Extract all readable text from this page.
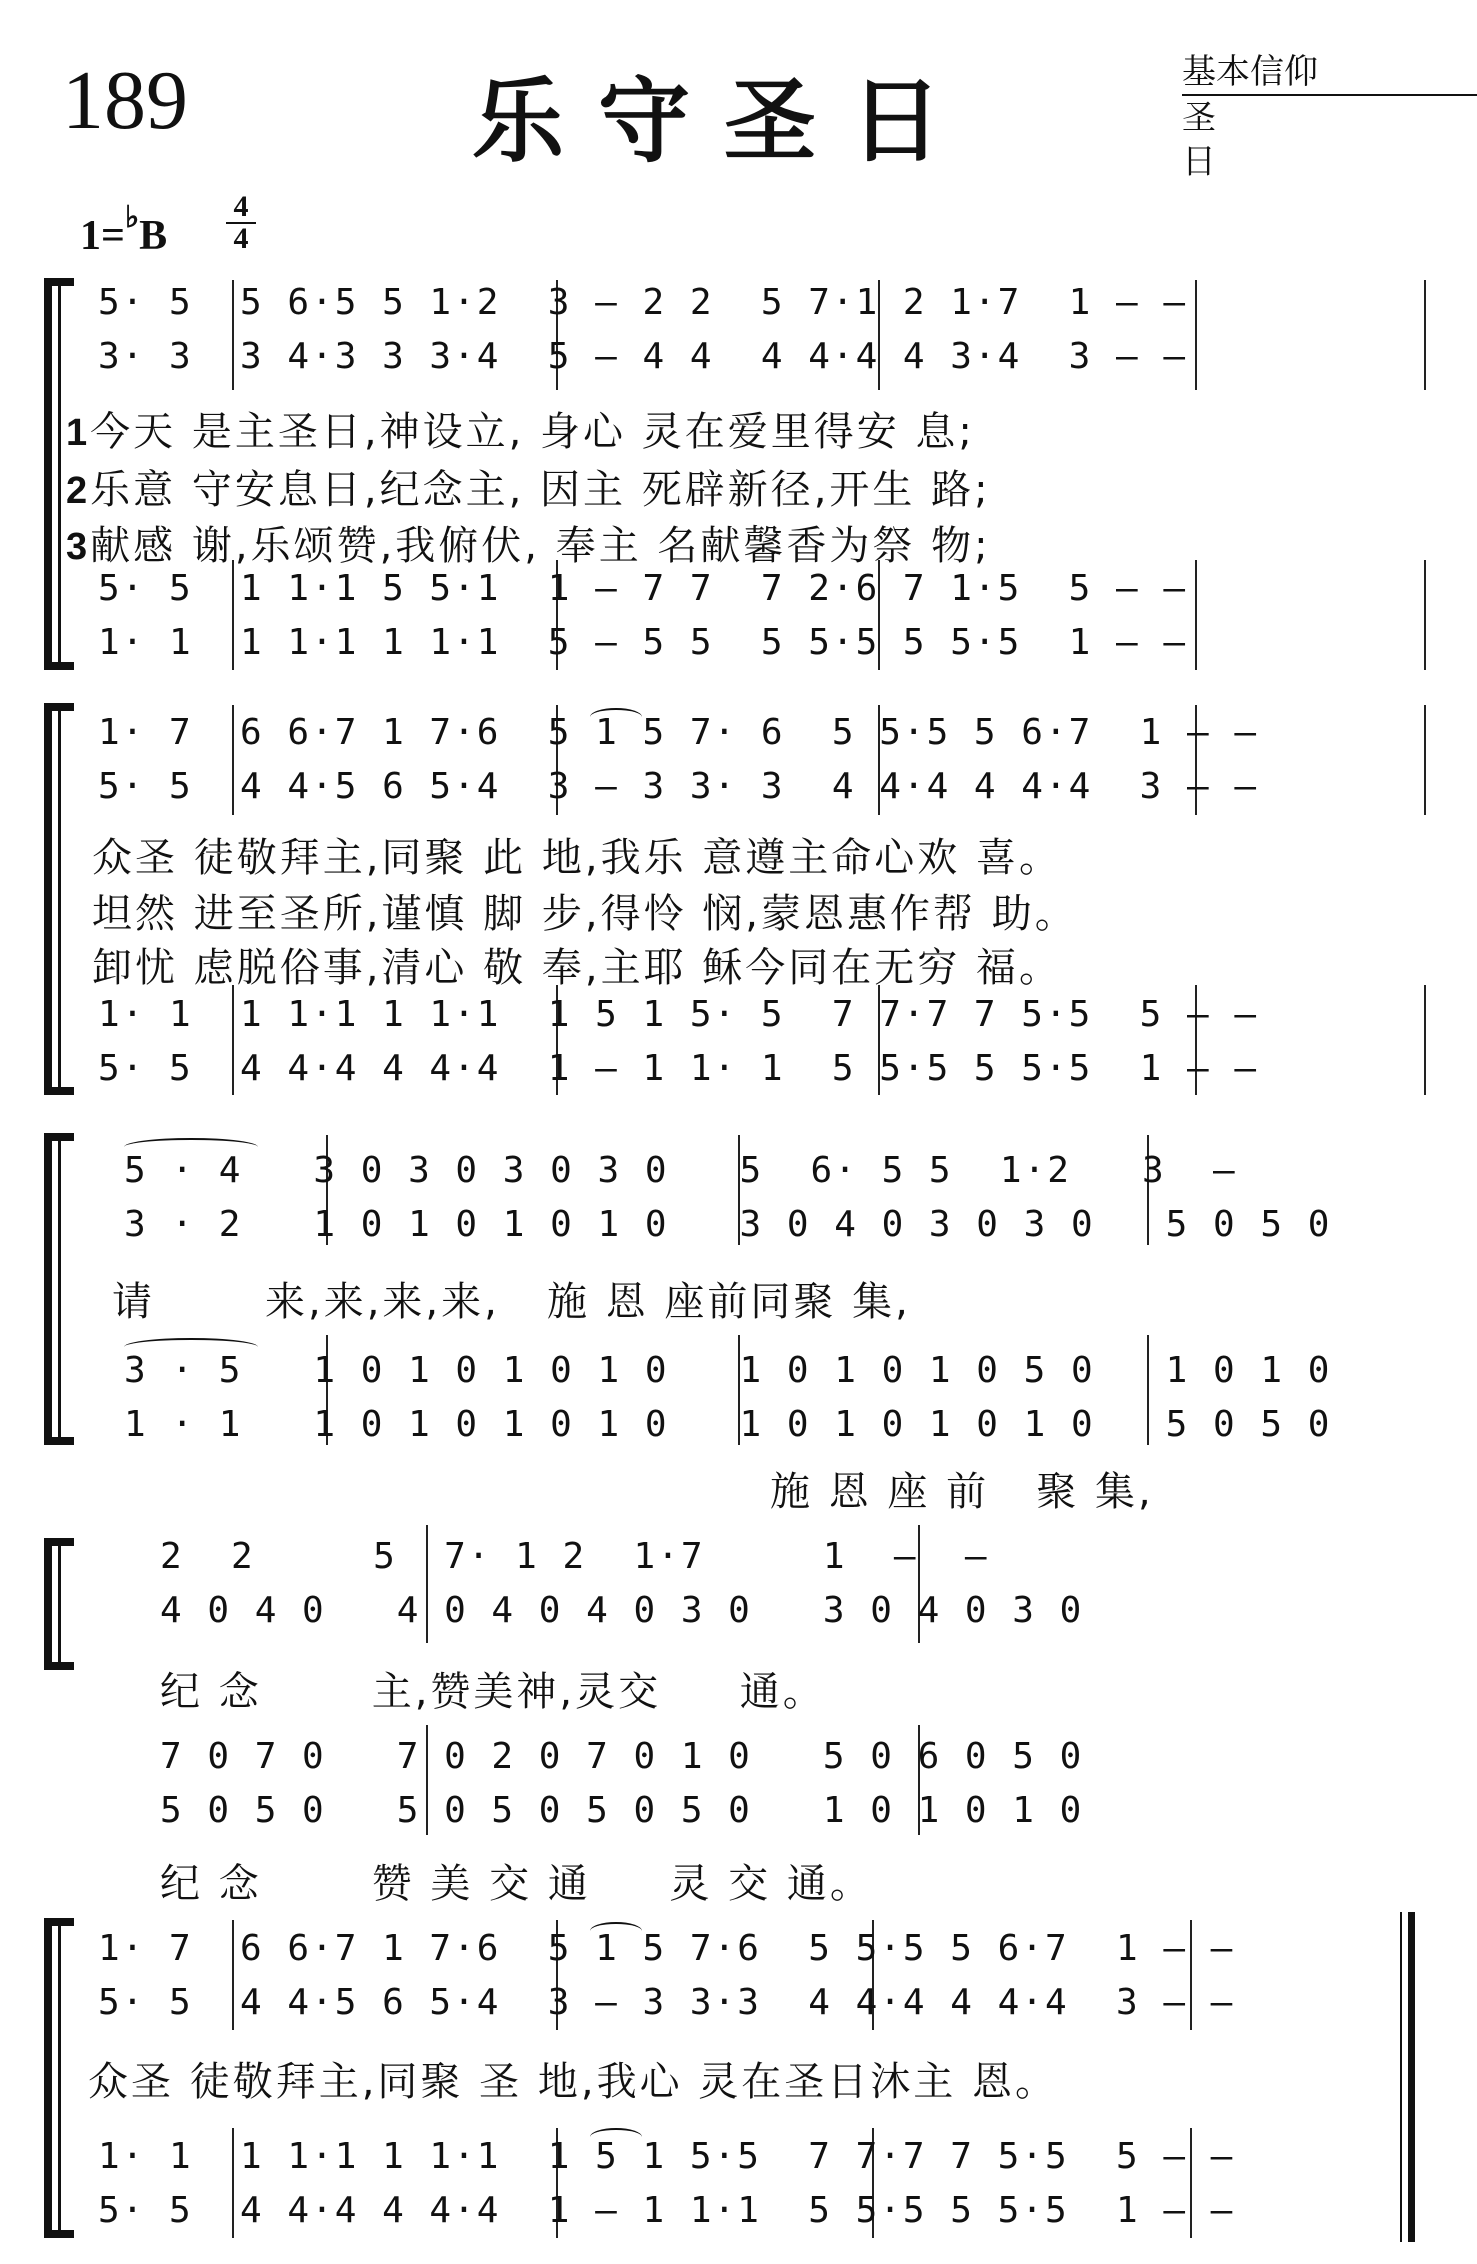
189	乐守圣日	基本信仰
圣 日
1=♭B
4
4
5· 5  5 6·5 5 1·2  3 — 2 2  5 7·1 2 1·7  1 — —
3· 3  3 4·3 3 3·4  5 — 4 4  4 4·4 4 3·4  3 — —
1今天 是主圣日,神设立, 身心 灵在爱里得安 息;
2乐意 守安息日,纪念主, 因主 死辟新径,开生 路;
3献感 谢,乐颂赞,我俯伏, 奉主 名献馨香为祭 物;
5· 5  1 1·1 5 5·1  1 — 7 7  7 2·6 7 1·5  5 — —
1· 1  1 1·1 1 1·1  5 — 5 5  5 5·5 5 5·5  1 — —
1· 7  6 6·7 1 7·6  5 1 5 7· 6  5 5·5 5 6·7  1 — —
5· 5  4 4·5 6 5·4  3 — 3 3· 3  4 4·4 4 4·4  3 — —
众圣 徒敬拜主,同聚 此 地,我乐 意遵主命心欢 喜。
坦然 进至圣所,谨慎 脚 步,得怜 悯,蒙恩惠作帮 助。
卸忧 虑脱俗事,清心 敬 奉,主耶 稣今同在无穷 福。
1· 1  1 1·1 1 1·1  1 5 1 5· 5  7 7·7 7 5·5  5 — —
5· 5  4 4·4 4 4·4  1 — 1 1· 1  5 5·5 5 5·5  1 — —
5 · 4   3 0 3 0 3 0 3 0   5  6· 5 5  1·2   3  —
3 · 2   1 0 1 0 1 0 1 0   3 0 4 0 3 0 3 0   5 0 5 0
请       来,来,来,来,   施 恩 座前同聚 集,
3 · 5   1 0 1 0 1 0 1 0   1 0 1 0 1 0 5 0   1 0 1 0
1 · 1   1 0 1 0 1 0 1 0   1 0 1 0 1 0 1 0   5 0 5 0
施 恩 座 前   聚 集,
2  2     5  7· 1 2  1·7     1  —  —
4 0 4 0   4 0 4 0 4 0 3 0   3 0 4 0 3 0
纪 念       主,赞美神,灵交     通。
7 0 7 0   7 0 2 0 7 0 1 0   5 0 6 0 5 0
5 0 5 0   5 0 5 0 5 0 5 0   1 0 1 0 1 0
纪 念       赞 美 交 通     灵 交 通。
1· 7  6 6·7 1 7·6  5 1 5 7·6  5 5·5 5 6·7  1 — —
5· 5  4 4·5 6 5·4  3 — 3 3·3  4 4·4 4 4·4  3 — —
众圣 徒敬拜主,同聚 圣 地,我心 灵在圣日沐主 恩。
1· 1  1 1·1 1 1·1  1 5 1 5·5  7 7·7 7 5·5  5 — —
5· 5  4 4·4 4 4·4  1 — 1 1·1  5 5·5 5 5·5  1 — —
